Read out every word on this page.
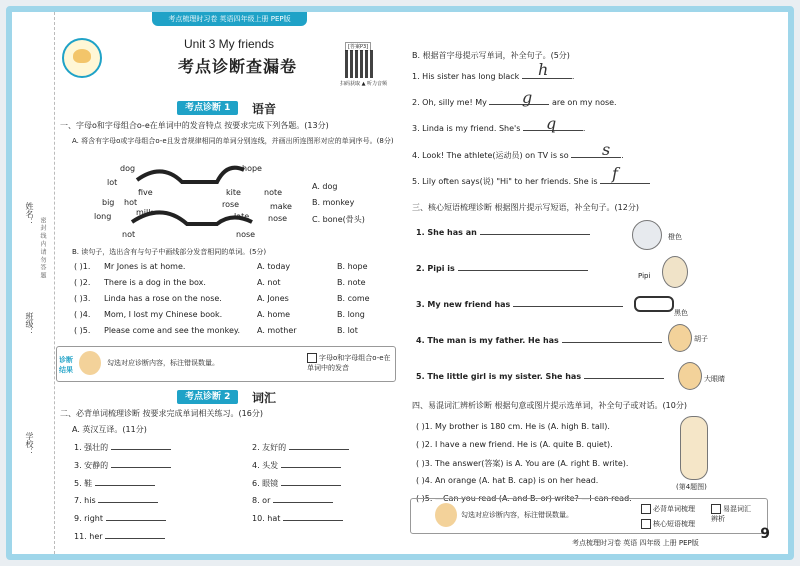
考点梳理时习卷 英语四年级上册 PEP版
姓名：
班级：
学校：
密 封 线 内 请 勿 答 题
Unit 3 My friends
考点诊断查漏卷
[答案P3]
扫码获取 ▲ 听力音频
考点诊断 1	语音
一、字母o和字母组合o-e在单词中的发音特点 按要求完成下列各题。(13分)
A. 将含有字母o或字母组合o-e且发音规律相同的单词分别连线，并画出所连图形对应的单词序号。(8分)
dog
lot
big
long
not
five
hot
milk
hope
kite
rose
late
nose
note
make
nose
A. dog
B. monkey
C. bone(骨头)
B. 读句子，选出含有与句子中画线部分发音相同的单词。(5分)
( )1. Mr Jones is at home.	A. today	B. hope
( )2. There is a dog in the box.	A. not	B. note
( )3. Linda has a rose on the nose.	A. Jones	B. come
( )4. Mom, I lost my Chinese book.	A. home	B. long
( )5. Please come and see the monkey. A. mother	B. lot
诊断结果
勾选对应诊断内容，标注错误数量。
字母o和字母组合o-e在单词中的发音
考点诊断 2	词汇
二、必背单词梳理诊断 按要求完成单词相关练习。(16分)
A. 英汉互译。(11分)
1. 强壮的
3. 安静的
5. 鞋
7. his
9. right
11. her
2. 友好的
4. 头发
6. 眼镜
8. or
10. hat
B. 根据首字母提示写单词，补全句子。(5分)
1. His sister has long black	.
h
2. Oh, silly me! My	are on my nose.
g
3. Linda is my friend. She's	.
q
4. Look! The athlete(运动员) on TV is so	.
s
5. Lily often says(说) "Hi" to her friends. She is f
三、核心短语梳理诊断 根据图片提示写短语，补全句子。(12分)
1. She has an
2. Pipi is
3. My new friend has
4. The man is my father. He has
5. The little girl is my sister. She has
橙色
Pipi
黑色
胡子
大眼睛
四、易混词汇辨析诊断 根据句意或图片提示选单词，补全句子或对话。(10分)
( )1. My brother is 180 cm. He is (A. high B. tall).
( )2. I have a new friend. He is (A. quite B. quiet).
( )3. The answer(答案) is A. You are (A. right B. write).
( )4. An orange (A. hat B. cap) is on her head.
( )5. —Can you read (A. and B. or) write? —I can read.
(第4题图)
勾选对应诊断内容，标注错误数量。
必背单词梳理	易混词汇辨析
核心短语梳理
考点梳理时习卷 英语 四年级 上册 PEP版
9
